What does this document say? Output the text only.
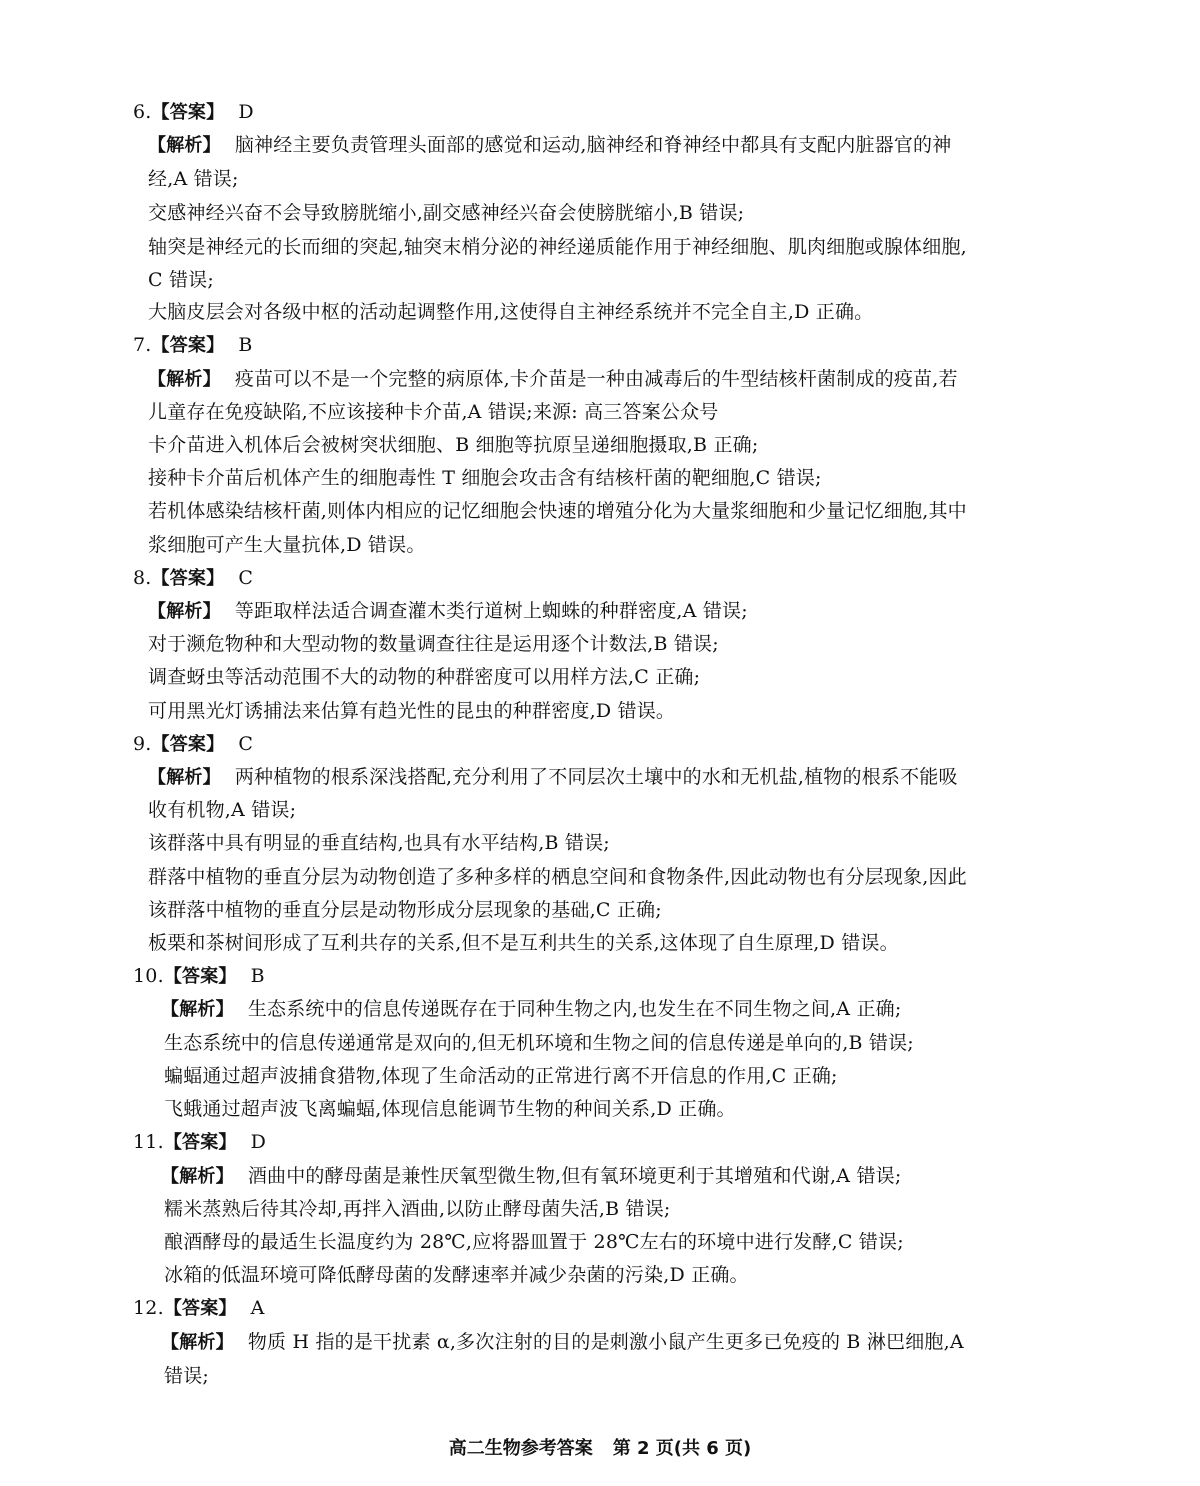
6.【答案】 D
【解析】 脑神经主要负责管理头面部的感觉和运动,脑神经和脊神经中都具有支配内脏器官的神
经,A 错误;
交感神经兴奋不会导致膀胱缩小,副交感神经兴奋会使膀胱缩小,B 错误;
轴突是神经元的长而细的突起,轴突末梢分泌的神经递质能作用于神经细胞、肌肉细胞或腺体细胞,
C 错误;
大脑皮层会对各级中枢的活动起调整作用,这使得自主神经系统并不完全自主,D 正确。
7.【答案】 B
【解析】 疫苗可以不是一个完整的病原体,卡介苗是一种由减毒后的牛型结核杆菌制成的疫苗,若
儿童存在免疫缺陷,不应该接种卡介苗,A 错误;来源: 高三答案公众号
卡介苗进入机体后会被树突状细胞、B 细胞等抗原呈递细胞摄取,B 正确;
接种卡介苗后机体产生的细胞毒性 T 细胞会攻击含有结核杆菌的靶细胞,C 错误;
若机体感染结核杆菌,则体内相应的记忆细胞会快速的增殖分化为大量浆细胞和少量记忆细胞,其中
浆细胞可产生大量抗体,D 错误。
8.【答案】 C
【解析】 等距取样法适合调查灌木类行道树上蜘蛛的种群密度,A 错误;
对于濒危物种和大型动物的数量调查往往是运用逐个计数法,B 错误;
调查蚜虫等活动范围不大的动物的种群密度可以用样方法,C 正确;
可用黑光灯诱捕法来估算有趋光性的昆虫的种群密度,D 错误。
9.【答案】 C
【解析】 两种植物的根系深浅搭配,充分利用了不同层次土壤中的水和无机盐,植物的根系不能吸
收有机物,A 错误;
该群落中具有明显的垂直结构,也具有水平结构,B 错误;
群落中植物的垂直分层为动物创造了多种多样的栖息空间和食物条件,因此动物也有分层现象,因此
该群落中植物的垂直分层是动物形成分层现象的基础,C 正确;
板栗和茶树间形成了互利共存的关系,但不是互利共生的关系,这体现了自生原理,D 错误。
10.【答案】 B
【解析】 生态系统中的信息传递既存在于同种生物之内,也发生在不同生物之间,A 正确;
生态系统中的信息传递通常是双向的,但无机环境和生物之间的信息传递是单向的,B 错误;
蝙蝠通过超声波捕食猎物,体现了生命活动的正常进行离不开信息的作用,C 正确;
飞蛾通过超声波飞离蝙蝠,体现信息能调节生物的种间关系,D 正确。
11.【答案】 D
【解析】 酒曲中的酵母菌是兼性厌氧型微生物,但有氧环境更利于其增殖和代谢,A 错误;
糯米蒸熟后待其冷却,再拌入酒曲,以防止酵母菌失活,B 错误;
酿酒酵母的最适生长温度约为 28℃,应将器皿置于 28℃左右的环境中进行发酵,C 错误;
冰箱的低温环境可降低酵母菌的发酵速率并减少杂菌的污染,D 正确。
12.【答案】 A
【解析】 物质 H 指的是干扰素 α,多次注射的目的是刺激小鼠产生更多已免疫的 B 淋巴细胞,A
错误;
高二生物参考答案 第 2 页(共 6 页)
